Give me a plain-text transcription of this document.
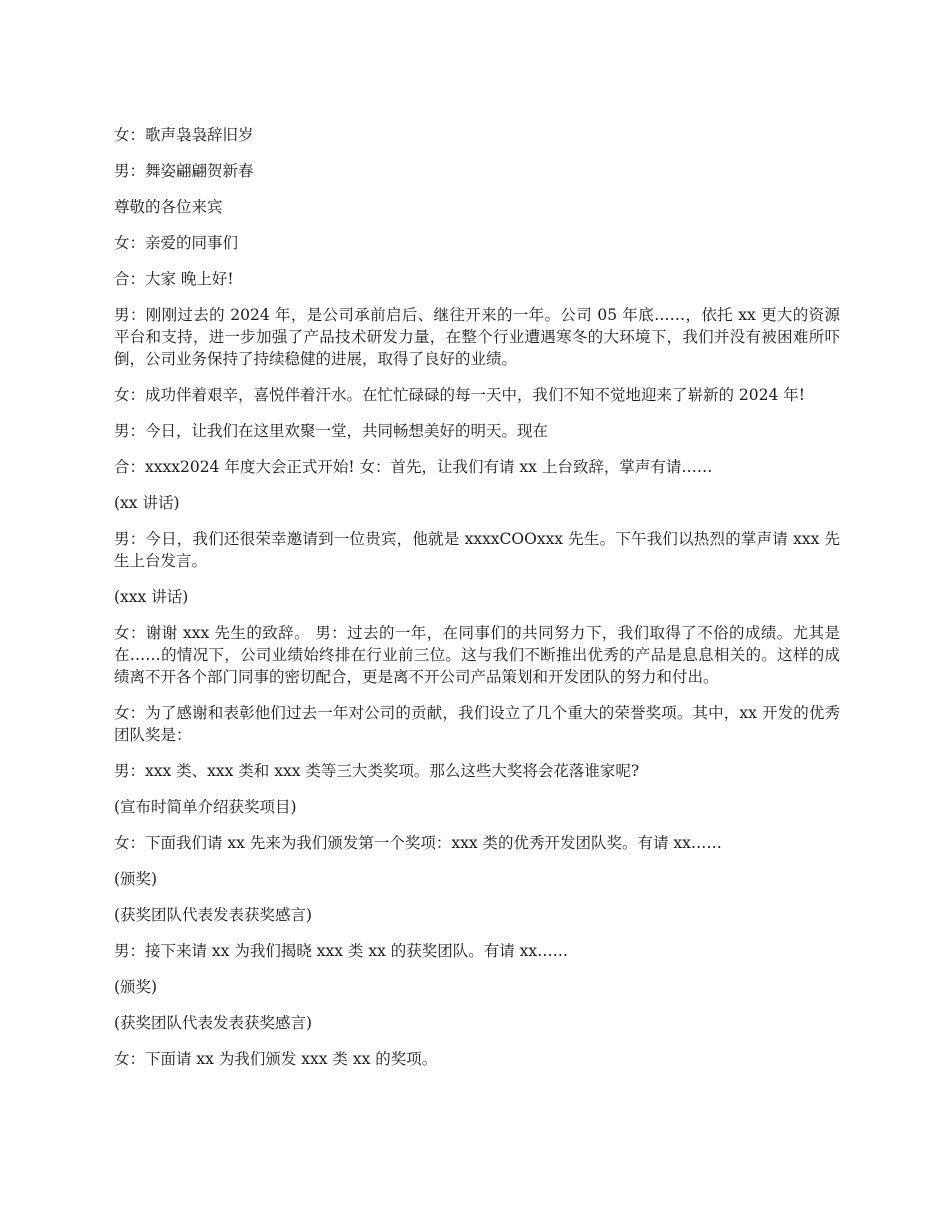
女：歌声袅袅辞旧岁

男：舞姿翩翩贺新春

尊敬的各位来宾

女：亲爱的同事们

合：大家 晚上好!

男：刚刚过去的 2024 年，是公司承前启后、继往开来的一年。公司 05 年底……，依托 xx 更大的资源平台和支持，进一步加强了产品技术研发力量，在整个行业遭遇寒冬的大环境下，我们并没有被困难所吓倒，公司业务保持了持续稳健的进展，取得了良好的业绩。

女：成功伴着艰辛，喜悦伴着汗水。在忙忙碌碌的每一天中，我们不知不觉地迎来了崭新的 2024 年!

男：今日，让我们在这里欢聚一堂，共同畅想美好的明天。现在

合：xxxx2024 年度大会正式开始! 女：首先，让我们有请 xx 上台致辞，掌声有请……

(xx 讲话)

男：今日，我们还很荣幸邀请到一位贵宾，他就是 xxxxCOOxxx 先生。下午我们以热烈的掌声请 xxx 先生上台发言。

(xxx 讲话)

女：谢谢 xxx 先生的致辞。 男：过去的一年，在同事们的共同努力下，我们取得了不俗的成绩。尤其是在……的情况下，公司业绩始终排在行业前三位。这与我们不断推出优秀的产品是息息相关的。这样的成绩离不开各个部门同事的密切配合，更是离不开公司产品策划和开发团队的努力和付出。

女：为了感谢和表彰他们过去一年对公司的贡献，我们设立了几个重大的荣誉奖项。其中，xx 开发的优秀团队奖是：

男：xxx 类、xxx 类和 xxx 类等三大类奖项。那么这些大奖将会花落谁家呢?

(宣布时简单介绍获奖项目)

女：下面我们请 xx 先来为我们颁发第一个奖项：xxx 类的优秀开发团队奖。有请 xx……

(颁奖)

(获奖团队代表发表获奖感言)

男：接下来请 xx 为我们揭晓 xxx 类 xx 的获奖团队。有请 xx……

(颁奖)

(获奖团队代表发表获奖感言)

女：下面请 xx 为我们颁发 xxx 类 xx 的奖项。
